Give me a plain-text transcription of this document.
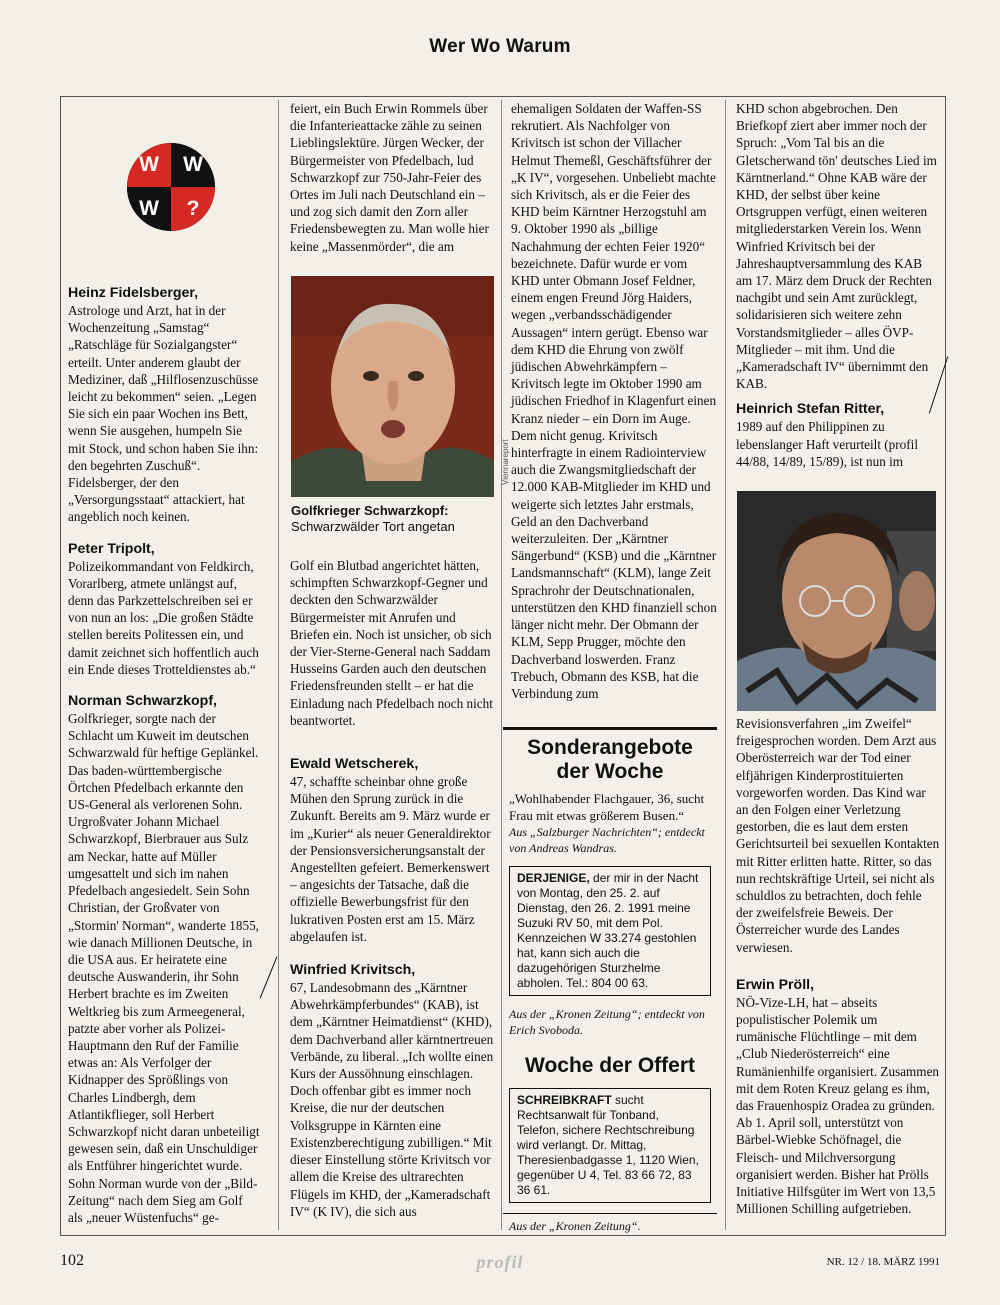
Wer Wo Warum
W	W
W	?
Heinz Fidelsberger,

Astrologe und Arzt, hat in der Wochenzeitung „Samstag“ „Ratschläge für Sozialgangster“ erteilt. Unter anderem glaubt der Mediziner, daß „Hilflosenzuschüsse leicht zu bekommen“ seien. „Legen Sie sich ein paar Wochen ins Bett, wenn Sie ausgehen, humpeln Sie mit Stock, und schon haben Sie ihn: den begehrten Zuschuß“. Fidelsberger, der den „Versorgungsstaat“ attackiert, hat angeblich noch keinen.

Peter Tripolt,

Polizeikommandant von Feldkirch, Vorarlberg, atmete unlängst auf, denn das Parkzettelschreiben sei er von nun an los: „Die großen Städte stellen bereits Politessen ein, und damit zeichnet sich hoffentlich auch ein Ende dieses Trotteldienstes ab.“

Norman Schwarzkopf,

Golfkrieger, sorgte nach der Schlacht um Kuweit im deutschen Schwarzwald für heftige Geplänkel. Das baden-württembergische Örtchen Pfedelbach erkannte den US-General als verlorenen Sohn. Urgroßvater Johann Michael Schwarzkopf, Bierbrauer aus Sulz am Neckar, hatte auf Müller umgesattelt und sich im nahen Pfedelbach angesiedelt. Sein Sohn Christian, der Großvater von „Stormin' Norman“, wanderte 1855, wie danach Millionen Deutsche, in die USA aus. Er heiratete eine deutsche Auswanderin, ihr Sohn Herbert brachte es im Zweiten Weltkrieg bis zum Armeegeneral, patzte aber vorher als Polizei-Hauptmann den Ruf der Familie etwas an: Als Verfolger der Kidnapper des Sprößlings von Charles Lindbergh, dem Atlantikflieger, soll Herbert Schwarzkopf nicht daran unbeteiligt gewesen sein, daß ein Unschuldiger als Entführer hingerichtet wurde. Sohn Norman wurde von der „Bild-Zeitung“ nach dem Sieg am Golf als „neuer Wüstenfuchs“ ge-

feiert, ein Buch Erwin Rommels über die Infanterieattacke zähle zu seinen Lieblingslektüre. Jürgen Wecker, der Bürgermeister von Pfedelbach, lud Schwarzkopf zur 750-Jahr-Feier des Ortes im Juli nach Deutschland ein – und zog sich damit den Zorn aller Friedensbewegten zu. Man wolle hier keine „Massenmörder“, die am

Viennareport
Golfkrieger Schwarzkopf:
Schwarzwälder Tort angetan

Golf ein Blutbad angerichtet hätten, schimpften Schwarzkopf-Gegner und deckten den Schwarzwälder Bürgermeister mit Anrufen und Briefen ein. Noch ist unsicher, ob sich der Vier-Sterne-General nach Saddam Husseins Garden auch den deutschen Friedensfreunden stellt – er hat die Einladung nach Pfedelbach noch nicht beantwortet.

Ewald Wetscherek,

47, schaffte scheinbar ohne große Mühen den Sprung zurück in die Zukunft. Bereits am 9. März wurde er im „Kurier“ als neuer Generaldirektor der Pensionsversicherungsanstalt der Angestellten gefeiert. Bemerkenswert – angesichts der Tatsache, daß die offizielle Bewerbungsfrist für den lukrativen Posten erst am 15. März abgelaufen ist.

Winfried Krivitsch,

67, Landesobmann des „Kärntner Abwehrkämpferbundes“ (KAB), ist dem „Kärntner Heimatdienst“ (KHD), dem Dachverband aller kärntnertreuen Verbände, zu liberal. „Ich wollte einen Kurs der Aussöhnung einschlagen. Doch offenbar gibt es immer noch Kreise, die nur der deutschen Volksgruppe in Kärnten eine Existenzberechtigung zubilligen.“ Mit dieser Einstellung störte Krivitsch vor allem die Kreise des ultrarechten Flügels im KHD, der „Kameradschaft IV“ (K IV), die sich aus

ehemaligen Soldaten der Waffen-SS rekrutiert. Als Nachfolger von Krivitsch ist schon der Villacher Helmut Themeßl, Geschäftsführer der „K IV“, vorgesehen. Unbeliebt machte sich Krivitsch, als er die Feier des KHD beim Kärntner Herzogstuhl am 9. Oktober 1990 als „billige Nachahmung der echten Feier 1920“ bezeichnete. Dafür wurde er vom KHD unter Obmann Josef Feldner, einem engen Freund Jörg Haiders, wegen „verbandsschädigender Aussagen“ intern gerügt. Ebenso war dem KHD die Ehrung von zwölf jüdischen Abwehrkämpfern – Krivitsch legte im Oktober 1990 am jüdischen Friedhof in Klagenfurt einen Kranz nieder – ein Dorn im Auge. Dem nicht genug. Krivitsch hinterfragte in einem Radiointerview auch die Zwangsmitgliedschaft der 12.000 KAB-Mitglieder im KHD und weigerte sich letztes Jahr erstmals, Geld an den Dachverband weiterzuleiten. Der „Kärntner Sängerbund“ (KSB) und die „Kärntner Landsmannschaft“ (KLM), lange Zeit Sprachrohr der Deutschnationalen, unterstützen den KHD finanziell schon länger nicht mehr. Der Obmann der KLM, Sepp Prugger, möchte den Dachverband loswerden. Franz Trebuch, Obmann des KSB, hat die Verbindung zum

Sonderangebote
der Woche
„Wohlhabender Flachgauer, 36, sucht Frau mit etwas größerem Busen.“
Aus „Salzburger Nachrichten“; entdeckt von Andreas Wandras.
DERJENIGE, der mir in der Nacht von Montag, den 25. 2. auf Dienstag, den 26. 2. 1991 meine Suzuki RV 50, mit dem Pol. Kennzeichen W 33.274 gestohlen hat, kann sich auch die dazugehörigen Sturzhelme abholen. Tel.: 804 00 63.
Aus der „Kronen Zeitung“; entdeckt von Erich Svoboda.
Woche der Offert
SCHREIBKRAFT sucht Rechtsanwalt für Tonband, Telefon, sichere Rechtschreibung wird verlangt. Dr. Mittag, Theresienbadgasse 1, 1120 Wien, gegenüber U 4, Tel. 83 66 72, 83 36 61.
Aus der „Kronen Zeitung“.

KHD schon abgebrochen. Den Briefkopf ziert aber immer noch der Spruch: „Vom Tal bis an die Gletscherwand tön' deutsches Lied im Kärntnerland.“ Ohne KAB wäre der KHD, der selbst über keine Ortsgruppen verfügt, einen weiteren mitgliederstarken Verein los. Wenn Winfried Krivitsch bei der Jahreshauptversammlung des KAB am 17. März dem Druck der Rechten nachgibt und sein Amt zurücklegt, solidarisieren sich weitere zehn Vorstandsmitglieder – alles ÖVP-Mitglieder – mit ihm. Und die „Kameradschaft IV“ übernimmt den KAB.

Heinrich Stefan Ritter,

1989 auf den Philippinen zu lebenslanger Haft verurteilt (profil 44/88, 14/89, 15/89), ist nun im

Revisionsverfahren „im Zweifel“ freigesprochen worden. Dem Arzt aus Oberösterreich war der Tod einer elfjährigen Kinderprostituierten vorgeworfen worden. Das Kind war an den Folgen einer Verletzung gestorben, die es laut dem ersten Gerichtsurteil bei sexuellen Kontakten mit Ritter erlitten hatte. Ritter, so das nun rechtskräftige Urteil, sei nicht als schuldlos zu betrachten, doch fehle der zweifelsfreie Beweis. Der Österreicher wurde des Landes verwiesen.

Erwin Pröll,

NÖ-Vize-LH, hat – abseits populistischer Polemik um rumänische Flüchtlinge – mit dem „Club Niederösterreich“ eine Rumänienhilfe organisiert. Zusammen mit dem Roten Kreuz gelang es ihm, das Frauenhospiz Oradea zu gründen. Ab 1. April soll, unterstützt von Bärbel-Wiebke Schöfnagel, die Fleisch- und Milchversorgung organisiert werden. Bisher hat Prölls Initiative Hilfsgüter im Wert von 13,5 Millionen Schilling aufgetrieben.

102	profil	NR. 12 / 18. MÄRZ 1991
